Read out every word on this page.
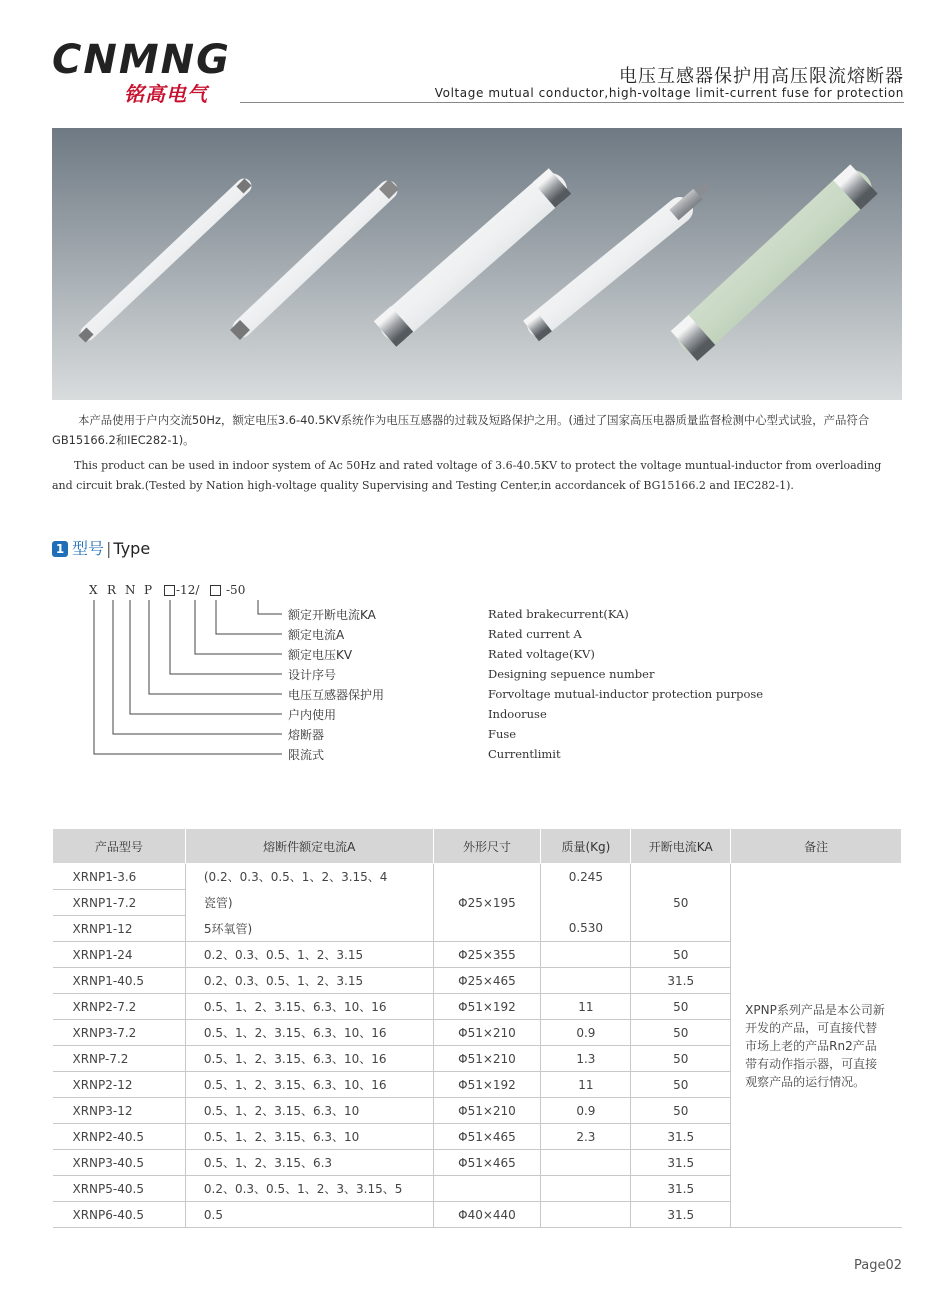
CNMNG
铭高电气
电压互感器保护用高压限流熔断器
Voltage mutual conductor,high-voltage limit-current fuse for protection
本产品使用于户内交流50Hz，额定电压3.6-40.5KV系统作为电压互感器的过载及短路保护之用。(通过了国家高压电器质量监督检测中心型式试验，产品符合GB15166.2和IEC282-1)。
This product can be used in indoor system of Ac 50Hz and rated voltage of 3.6-40.5KV to protect the voltage muntual-inductor from overloading and circuit brak.(Tested by Nation high-voltage quality Supervising and Testing Center,in accordancek of BG15166.2 and IEC282-1).
1 型号 | Type
X R N P -12/ -50
额定开断电流KA
额定电流A
额定电压KV
设计序号
电压互感器保护用
户内使用
熔断器
限流式
Rated brakecurrent(KA)
Rated current A
Rated voltage(KV)
Designing sepuence number
Forvoltage mutual-inductor protection purpose
Indooruse
Fuse
Currentlimit
产品型号	熔断件额定电流A	外形尺寸	质量(Kg)	开断电流KA	备注
XRNP1-3.6	(0.2、0.3、0.5、1、2、3.15、4	Φ25×195	0.245	50	XPNP系列产品是本公司新开发的产品，可直接代替市场上老的产品Rn2产品带有动作指示器，可直接观察产品的运行情况。
XRNP1-7.2	瓷管)				
XRNP1-12	5环氧管)		0.530		
XRNP1-24	0.2、0.3、0.5、1、2、3.15	Φ25×355		50	
XRNP1-40.5	0.2、0.3、0.5、1、2、3.15	Φ25×465		31.5	
XRNP2-7.2	0.5、1、2、3.15、6.3、10、16	Φ51×192	11	50	
XRNP3-7.2	0.5、1、2、3.15、6.3、10、16	Φ51×210	0.9	50	
XRNP-7.2	0.5、1、2、3.15、6.3、10、16	Φ51×210	1.3	50	
XRNP2-12	0.5、1、2、3.15、6.3、10、16	Φ51×192	11	50	
XRNP3-12	0.5、1、2、3.15、6.3、10	Φ51×210	0.9	50	
XRNP2-40.5	0.5、1、2、3.15、6.3、10	Φ51×465	2.3	31.5	
XRNP3-40.5	0.5、1、2、3.15、6.3	Φ51×465		31.5	
XRNP5-40.5	0.2、0.3、0.5、1、2、3、3.15、5			31.5	
XRNP6-40.5	0.5	Φ40×440		31.5	
Page02
